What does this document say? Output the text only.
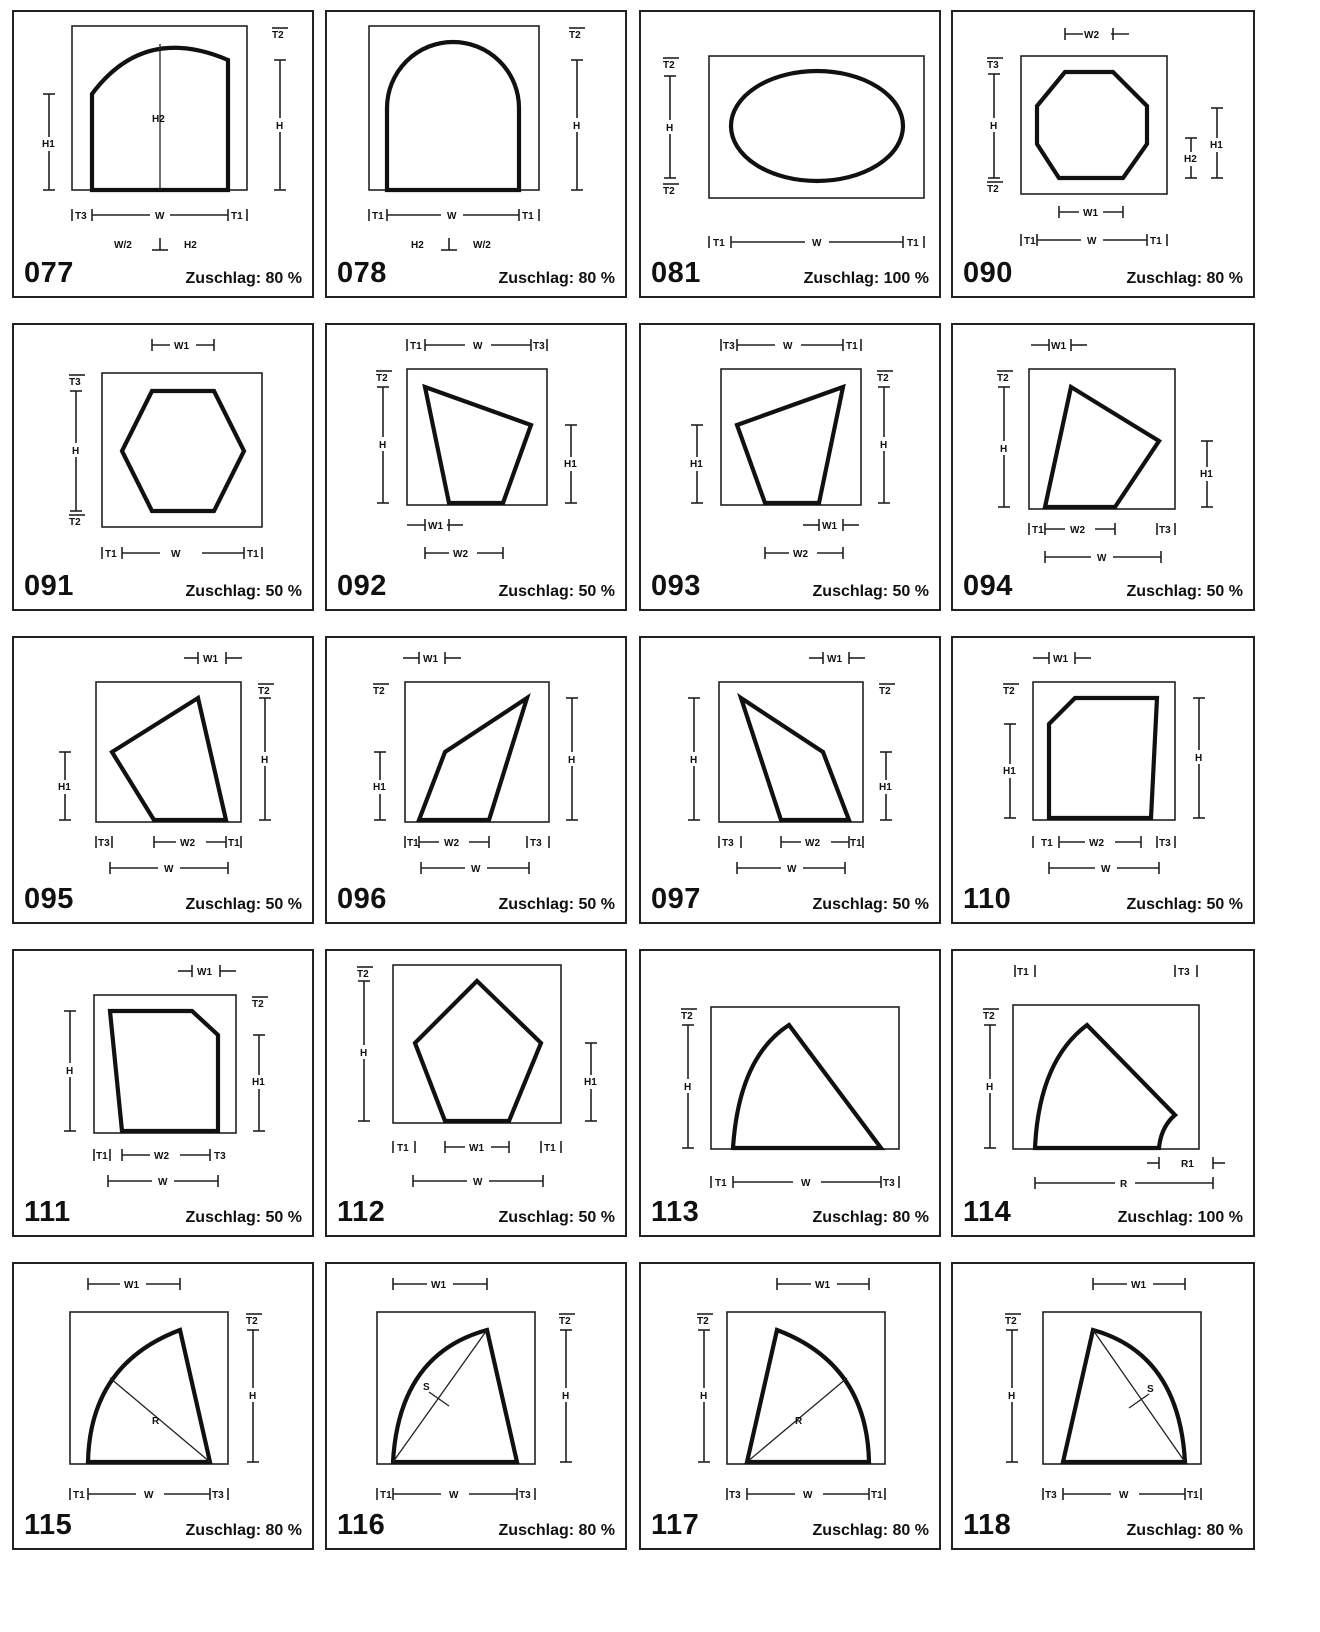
H2
H1
T2
H
T3	W	T1
W/2	H2
077	Zuschlag: 80 %
T2
H
T1	W	T1
H2	W/2
078	Zuschlag: 80 %
T2
H
T2
T1	W	T1
081	Zuschlag: 100 %
W2
T3
H
T2
H1
H2
W1
T1	W	T1
090	Zuschlag: 80 %
W1
T3
H
T2
T1	W	T1
091	Zuschlag: 50 %
T1	W	T3
T2
H
H1
W1
W2
092	Zuschlag: 50 %
T3	W	T1
T2
H
H1
W1
W2
093	Zuschlag: 50 %
W1
T2
H
H1
T1	W2	T3
W
094	Zuschlag: 50 %
W1
T2
H
H1
T3	W2	T1
W
095	Zuschlag: 50 %
W1
T2
H1
H
T1	W2	T3
W
096	Zuschlag: 50 %
W1
T2
H
H1
T3	W2	T1
W
097	Zuschlag: 50 %
W1
T2
H1
H
T1	W2	T3
W
110	Zuschlag: 50 %
W1
T2
H
H1
T1	W2	T3
W
111	Zuschlag: 50 %
T2
H
H1
T1	W1	T1
W
112	Zuschlag: 50 %
T2
H
T1	W	T3
113	Zuschlag: 80 %
T1	T3
T2
H
R1
R
114	Zuschlag: 100 %
R
W1
T2
H
T1	W	T3
115	Zuschlag: 80 %
S
W1
T2
H
T1	W	T3
116	Zuschlag: 80 %
R
W1
T2
H
T3	W	T1
117	Zuschlag: 80 %
S
W1
T2
H
T3	W	T1
118	Zuschlag: 80 %
